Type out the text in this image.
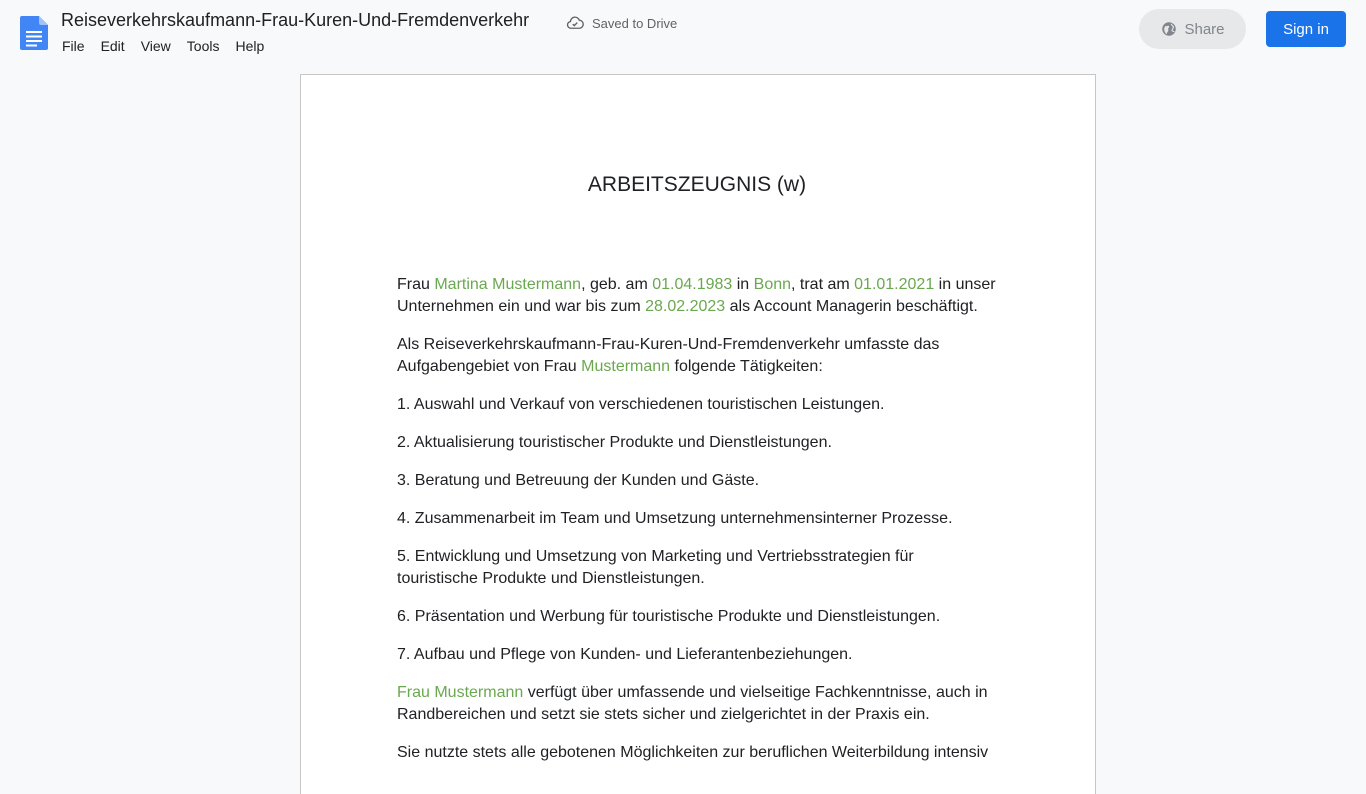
Reiseverkehrskaufmann-Frau-Kuren-Und-Fremdenverkehr	Saved to Drive
File	Edit	View	Tools	Help
Share	Sign in
ARBEITSZEUGNIS (w)

Frau Martina Mustermann, geb. am 01.04.1983 in Bonn, trat am 01.01.2021 in unser Unternehmen ein und war bis zum 28.02.2023 als Account Managerin beschäftigt.

Als Reiseverkehrskaufmann-Frau-Kuren-Und-Fremdenverkehr umfasste das Aufgabengebiet von Frau Mustermann folgende Tätigkeiten:

1. Auswahl und Verkauf von verschiedenen touristischen Leistungen.

2. Aktualisierung touristischer Produkte und Dienstleistungen.

3. Beratung und Betreuung der Kunden und Gäste.

4. Zusammenarbeit im Team und Umsetzung unternehmensinterner Prozesse.

5. Entwicklung und Umsetzung von Marketing und Vertriebsstrategien für touristische Produkte und Dienstleistungen.

6. Präsentation und Werbung für touristische Produkte und Dienstleistungen.

7. Aufbau und Pflege von Kunden- und Lieferantenbeziehungen.

Frau Mustermann verfügt über umfassende und vielseitige Fachkenntnisse, auch in Randbereichen und setzt sie stets sicher und zielgerichtet in der Praxis ein.

Sie nutzte stets alle gebotenen Möglichkeiten zur beruflichen Weiterbildung intensiv
